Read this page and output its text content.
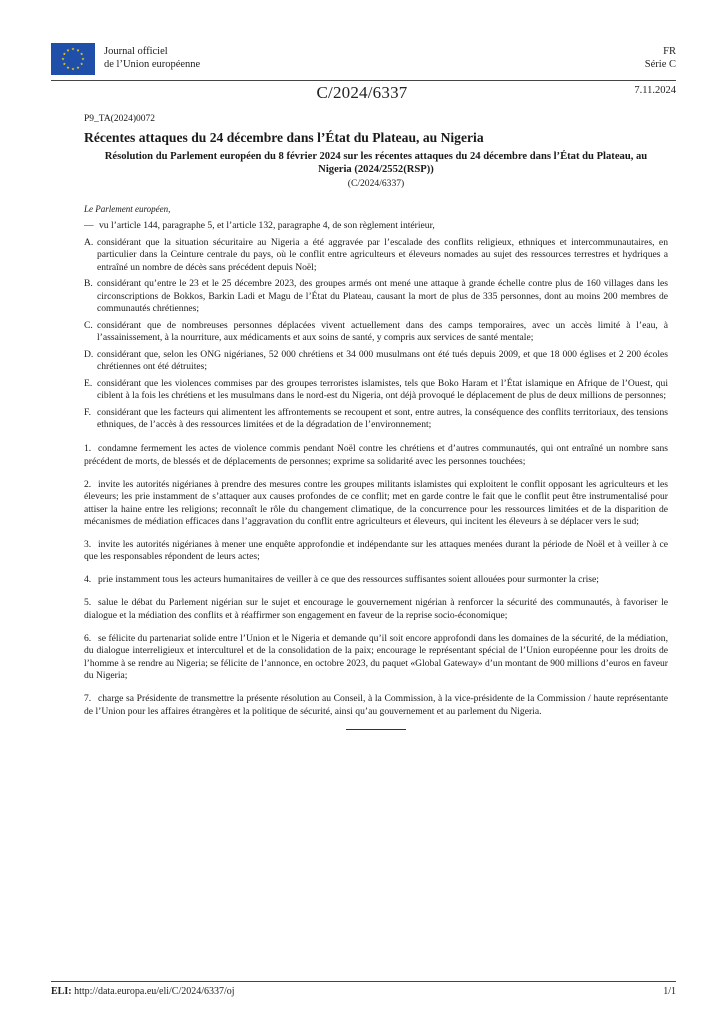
Journal officiel
de l’Union européenne
FR
Série C
C/2024/6337	7.11.2024
P9_TA(2024)0072
Récentes attaques du 24 décembre dans l’État du Plateau, au Nigeria
Résolution du Parlement européen du 8 février 2024 sur les récentes attaques du 24 décembre dans l’État du Plateau, au Nigeria (2024/2552(RSP))
(C/2024/6337)
Le Parlement européen,
— vu l’article 144, paragraphe 5, et l’article 132, paragraphe 4, de son règlement intérieur,
A. considérant que la situation sécuritaire au Nigeria a été aggravée par l’escalade des conflits religieux, ethniques et intercommunautaires, en particulier dans la Ceinture centrale du pays, où le conflit entre agriculteurs et éleveurs nomades au sujet des ressources terrestres et hydriques a entraîné un nombre de décès sans précédent depuis Noël;
B. considérant qu’entre le 23 et le 25 décembre 2023, des groupes armés ont mené une attaque à grande échelle contre plus de 160 villages dans les circonscriptions de Bokkos, Barkin Ladi et Magu de l’État du Plateau, causant la mort de plus de 335 personnes, dont au moins 200 membres de communautés chrétiennes;
C. considérant que de nombreuses personnes déplacées vivent actuellement dans des camps temporaires, avec un accès limité à l’eau, à l’assainissement, à la nourriture, aux médicaments et aux soins de santé, y compris aux services de santé mentale;
D. considérant que, selon les ONG nigérianes, 52 000 chrétiens et 34 000 musulmans ont été tués depuis 2009, et que 18 000 églises et 2 200 écoles chrétiennes ont été détruites;
E. considérant que les violences commises par des groupes terroristes islamistes, tels que Boko Haram et l’État islamique en Afrique de l’Ouest, qui ciblent à la fois les chrétiens et les musulmans dans le nord-est du Nigeria, ont déjà provoqué le déplacement de plus de deux millions de personnes;
F. considérant que les facteurs qui alimentent les affrontements se recoupent et sont, entre autres, la conséquence des conflits territoriaux, des tensions ethniques, de l’accès à des ressources limitées et de la dégradation de l’environnement;
1. condamne fermement les actes de violence commis pendant Noël contre les chrétiens et d’autres communautés, qui ont entraîné un nombre sans précédent de morts, de blessés et de déplacements de personnes; exprime sa solidarité avec les personnes touchées;
2. invite les autorités nigérianes à prendre des mesures contre les groupes militants islamistes qui exploitent le conflit opposant les agriculteurs et les éleveurs; les prie instamment de s’attaquer aux causes profondes de ce conflit; met en garde contre le fait que le conflit peut être instrumentalisé pour attiser la haine entre les religions; reconnaît le rôle du changement climatique, de la concurrence pour les ressources limitées et de la disparition de mécanismes de médiation efficaces dans l’aggravation du conflit entre agriculteurs et éleveurs, qui incitent les éleveurs à se déplacer vers le sud;
3. invite les autorités nigérianes à mener une enquête approfondie et indépendante sur les attaques menées durant la période de Noël et à veiller à ce que les responsables répondent de leurs actes;
4. prie instamment tous les acteurs humanitaires de veiller à ce que des ressources suffisantes soient allouées pour surmonter la crise;
5. salue le débat du Parlement nigérian sur le sujet et encourage le gouvernement nigérian à renforcer la sécurité des communautés, à favoriser le dialogue et la médiation des conflits et à réaffirmer son engagement en faveur de la reprise socio-économique;
6. se félicite du partenariat solide entre l’Union et le Nigeria et demande qu’il soit encore approfondi dans les domaines de la sécurité, de la médiation, du dialogue interreligieux et interculturel et de la consolidation de la paix; encourage le représentant spécial de l’Union européenne pour les droits de l’homme à se rendre au Nigeria; se félicite de l’annonce, en octobre 2023, du paquet «Global Gateway» d’un montant de 900 millions d’euros en faveur du Nigeria;
7. charge sa Présidente de transmettre la présente résolution au Conseil, à la Commission, à la vice-présidente de la Commission / haute représentante de l’Union pour les affaires étrangères et la politique de sécurité, ainsi qu’au gouvernement et au parlement du Nigeria.
ELI: http://data.europa.eu/eli/C/2024/6337/oj	1/1
